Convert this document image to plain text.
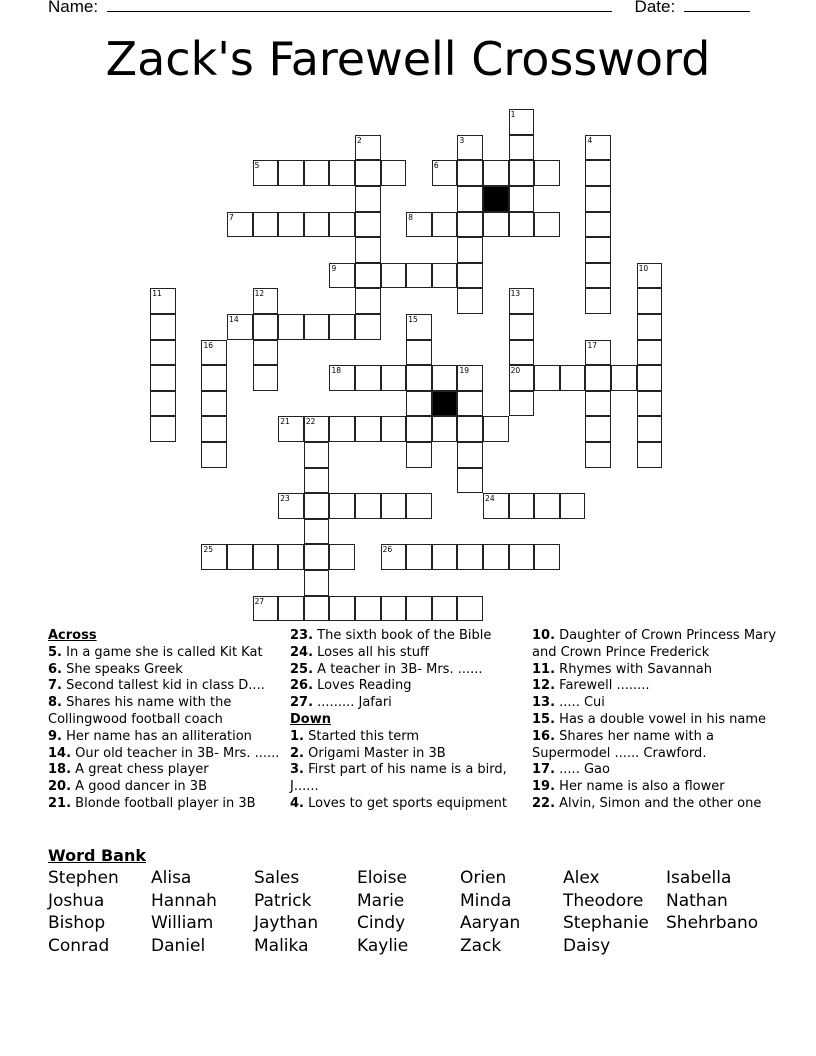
Name:	Date:
Zack's Farewell Crossword
1
2	3	4
5	6
7	8
9	10
11	12	13
20
14	15
16	17
18	19
21 22
23	24
25	26
27
Across
5. In a game she is called Kit Kat
6. She speaks Greek
7. Second tallest kid in class D....
8. Shares his name with the Collingwood football coach
9. Her name has an alliteration
14. Our old teacher in 3B- Mrs. ......
18. A great chess player
20. A good dancer in 3B
21. Blonde football player in 3B
23. The sixth book of the Bible
24. Loses all his stuff
25. A teacher in 3B- Mrs. ......
26. Loves Reading
27. ......... Jafari
Down
1. Started this term
2. Origami Master in 3B
3. First part of his name is a bird, J......
4. Loves to get sports equipment
10. Daughter of Crown Princess Mary and Crown Prince Frederick
11. Rhymes with Savannah
12. Farewell ........
13. ..... Cui
15. Has a double vowel in his name
16. Shares her name with a Supermodel ...... Crawford.
17. ..... Gao
19. Her name is also a flower
22. Alvin, Simon and the other one
Word Bank
Stephen	Alisa	Sales	Eloise	Orien	Alex	Isabella
Joshua	Hannah	Patrick	Marie	Minda	Theodore	Nathan
Bishop	William	Jaythan	Cindy	Aaryan	Stephanie	Shehrbano
Conrad	Daniel	Malika	Kaylie	Zack	Daisy
